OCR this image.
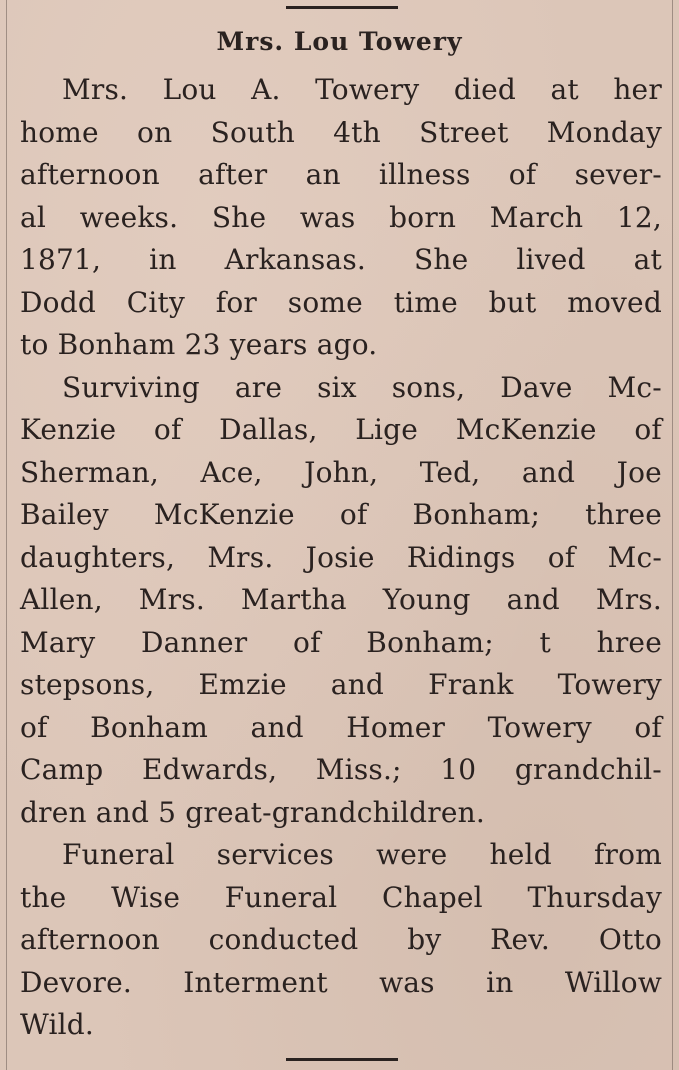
Mrs. Lou Towery
Mrs. Lou A. Towery died at her
home on South 4th Street Monday
afternoon after an illness of sever-
al weeks. She was born March 12,
1871, in Arkansas. She lived at
Dodd City for some time but moved
to Bonham 23 years ago.
Surviving are six sons, Dave Mc-
Kenzie of Dallas, Lige McKenzie of
Sherman, Ace, John, Ted, and Joe
Bailey McKenzie of Bonham; three
daughters, Mrs. Josie Ridings of Mc-
Allen, Mrs. Martha Young and Mrs.
Mary Danner of Bonham; t hree
stepsons, Emzie and Frank Towery
of Bonham and Homer Towery of
Camp Edwards, Miss.; 10 grandchil-
dren and 5 great-grandchildren.
Funeral services were held from
the Wise Funeral Chapel Thursday
afternoon conducted by Rev. Otto
Devore. Interment was in Willow
Wild.
